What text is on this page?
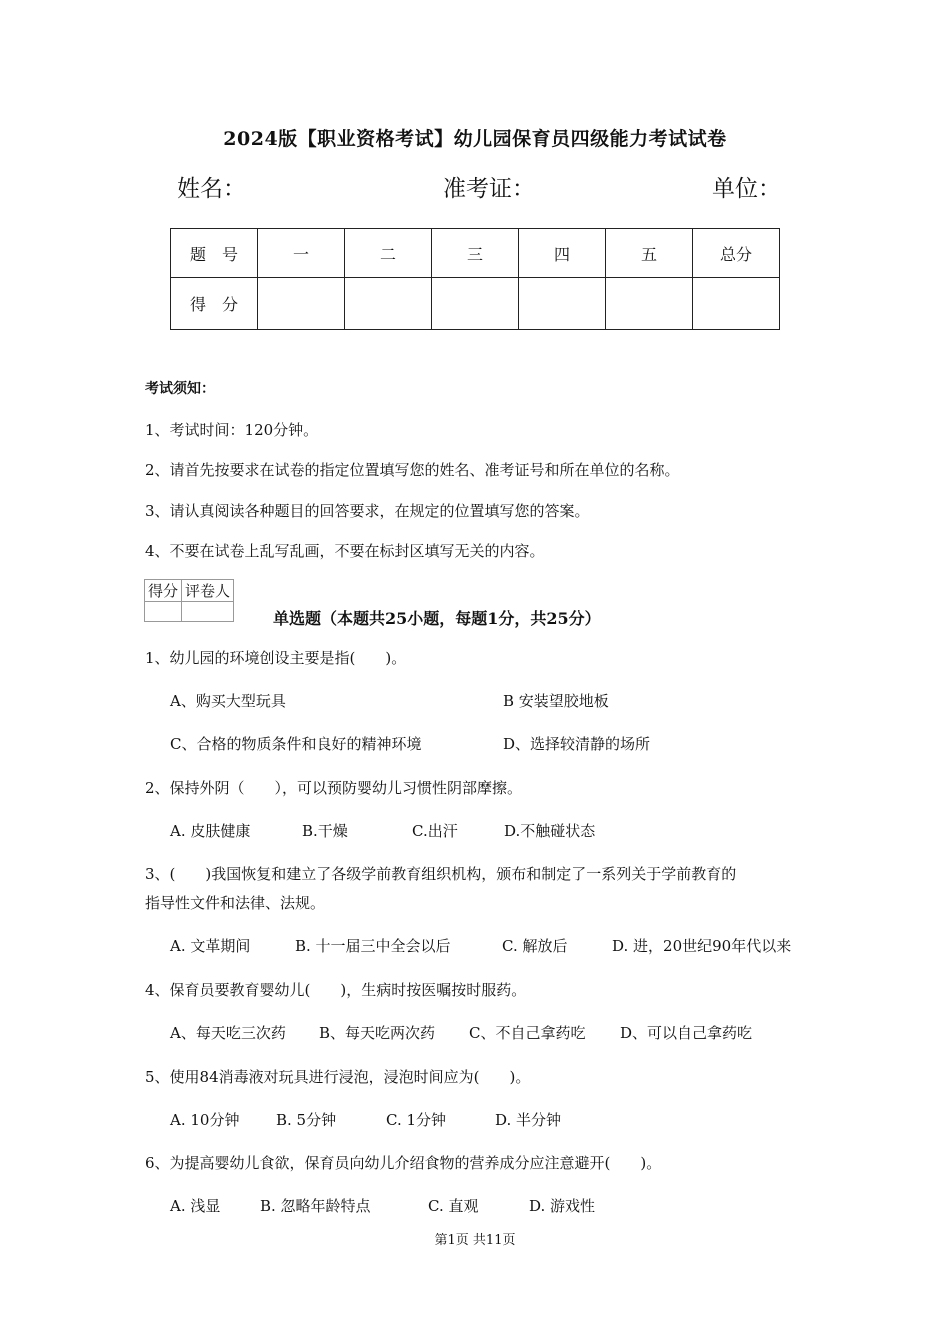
2024版【职业资格考试】幼儿园保育员四级能力考试试卷
姓名：	准考证：	单位：
题　号	一	二	三	四	五	总分
得　分						
考试须知：
1、考试时间：120分钟。
2、请首先按要求在试卷的指定位置填写您的姓名、准考证号和所在单位的名称。
3、请认真阅读各种题目的回答要求，在规定的位置填写您的答案。
4、不要在试卷上乱写乱画，不要在标封区填写无关的内容。
得分	评卷人

单选题（本题共25小题，每题1分，共25分）
1、幼儿园的环境创设主要是指(　　)。
A、购买大型玩具	B 安装望胶地板
C、合格的物质条件和良好的精神环境	D、选择较清静的场所
2、保持外阴（　　），可以预防婴幼儿习惯性阴部摩擦。
A. 皮肤健康	B.干燥	C.出汗	D.不触碰状态
3、(　　)我国恢复和建立了各级学前教育组织机构，颁布和制定了一系列关于学前教育的
指导性文件和法律、法规。
A. 文革期间	B. 十一届三中全会以后	C. 解放后	D. 进，20世纪90年代以来
4、保育员要教育婴幼儿(　　)，生病时按医嘱按时服药。
A、每天吃三次药 B、每天吃两次药 C、不自己拿药吃 D、可以自己拿药吃
5、使用84消毒液对玩具进行浸泡，浸泡时间应为(　　)。
A. 10分钟 B. 5分钟	C. 1分钟	D. 半分钟
6、为提高婴幼儿食欲，保育员向幼儿介绍食物的营养成分应注意避开(　　)。
A. 浅显	B. 忽略年龄特点	C. 直观	D. 游戏性
第1页 共11页
